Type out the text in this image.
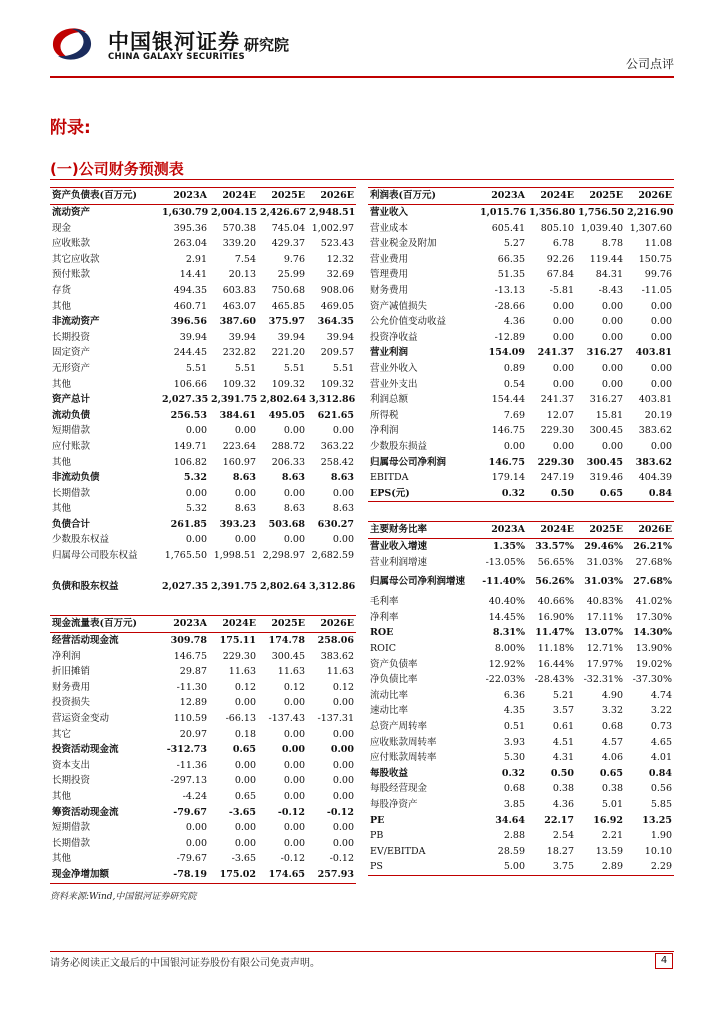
中国银河证券 研究院
CHINA GALAXY SECURITIES	公司点评
附录:
(一)公司财务预测表
资产负债表(百万元)	2023A	2024E	2025E	2026E
流动资产	1,630.79	2,004.15	2,426.67	2,948.51
现金	395.36	570.38	745.04	1,002.97
应收账款	263.04	339.20	429.37	523.43
其它应收款	2.91	7.54	9.76	12.32
预付账款	14.41	20.13	25.99	32.69
存货	494.35	603.83	750.68	908.06
其他	460.71	463.07	465.85	469.05
非流动资产	396.56	387.60	375.97	364.35
长期投资	39.94	39.94	39.94	39.94
固定资产	244.45	232.82	221.20	209.57
无形资产	5.51	5.51	5.51	5.51
其他	106.66	109.32	109.32	109.32
资产总计	2,027.35	2,391.75	2,802.64	3,312.86
流动负债	256.53	384.61	495.05	621.65
短期借款	0.00	0.00	0.00	0.00
应付账款	149.71	223.64	288.72	363.22
其他	106.82	160.97	206.33	258.42
非流动负债	5.32	8.63	8.63	8.63
长期借款	0.00	0.00	0.00	0.00
其他	5.32	8.63	8.63	8.63
负债合计	261.85	393.23	503.68	630.27
少数股东权益	0.00	0.00	0.00	0.00
归属母公司股东权益	1,765.50	1,998.51	2,298.97	2,682.59

负债和股东权益	2,027.35	2,391.75	2,802.64	3,312.86
利润表(百万元)	2023A	2024E	2025E	2026E
营业收入	1,015.76	1,356.80	1,756.50	2,216.90
营业成本	605.41	805.10	1,039.40	1,307.60
营业税金及附加	5.27	6.78	8.78	11.08
营业费用	66.35	92.26	119.44	150.75
管理费用	51.35	67.84	84.31	99.76
财务费用	-13.13	-5.81	-8.43	-11.05
资产减值损失	-28.66	0.00	0.00	0.00
公允价值变动收益	4.36	0.00	0.00	0.00
投资净收益	-12.89	0.00	0.00	0.00
营业利润	154.09	241.37	316.27	403.81
营业外收入	0.89	0.00	0.00	0.00
营业外支出	0.54	0.00	0.00	0.00
利润总额	154.44	241.37	316.27	403.81
所得税	7.69	12.07	15.81	20.19
净利润	146.75	229.30	300.45	383.62
少数股东损益	0.00	0.00	0.00	0.00
归属母公司净利润	146.75	229.30	300.45	383.62
EBITDA	179.14	247.19	319.46	404.39
EPS(元)	0.32	0.50	0.65	0.84
主要财务比率	2023A	2024E	2025E	2026E
营业收入增速	1.35%	33.57%	29.46%	26.21%
营业利润增速	-13.05%	56.65%	31.03%	27.68%
归属母公司净利润增速	-11.40%	56.26%	31.03%	27.68%
毛利率	40.40%	40.66%	40.83%	41.02%
净利率	14.45%	16.90%	17.11%	17.30%
ROE	8.31%	11.47%	13.07%	14.30%
ROIC	8.00%	11.18%	12.71%	13.90%
资产负债率	12.92%	16.44%	17.97%	19.02%
净负债比率	-22.03%	-28.43%	-32.31%	-37.30%
流动比率	6.36	5.21	4.90	4.74
速动比率	4.35	3.57	3.32	3.22
总资产周转率	0.51	0.61	0.68	0.73
应收账款周转率	3.93	4.51	4.57	4.65
应付账款周转率	5.30	4.31	4.06	4.01
每股收益	0.32	0.50	0.65	0.84
每股经营现金	0.68	0.38	0.38	0.56
每股净资产	3.85	4.36	5.01	5.85
PE	34.64	22.17	16.92	13.25
PB	2.88	2.54	2.21	1.90
EV/EBITDA	28.59	18.27	13.59	10.10
PS	5.00	3.75	2.89	2.29
现金流量表(百万元)	2023A	2024E	2025E	2026E
经营活动现金流	309.78	175.11	174.78	258.06
净利润	146.75	229.30	300.45	383.62
折旧摊销	29.87	11.63	11.63	11.63
财务费用	-11.30	0.12	0.12	0.12
投资损失	12.89	0.00	0.00	0.00
营运资金变动	110.59	-66.13	-137.43	-137.31
其它	20.97	0.18	0.00	0.00
投资活动现金流	-312.73	0.65	0.00	0.00
资本支出	-11.36	0.00	0.00	0.00
长期投资	-297.13	0.00	0.00	0.00
其他	-4.24	0.65	0.00	0.00
筹资活动现金流	-79.67	-3.65	-0.12	-0.12
短期借款	0.00	0.00	0.00	0.00
长期借款	0.00	0.00	0.00	0.00
其他	-79.67	-3.65	-0.12	-0.12
现金净增加额	-78.19	175.02	174.65	257.93
资料来源:Wind,中国银河证券研究院
请务必阅读正文最后的中国银河证券股份有限公司免责声明。	4
